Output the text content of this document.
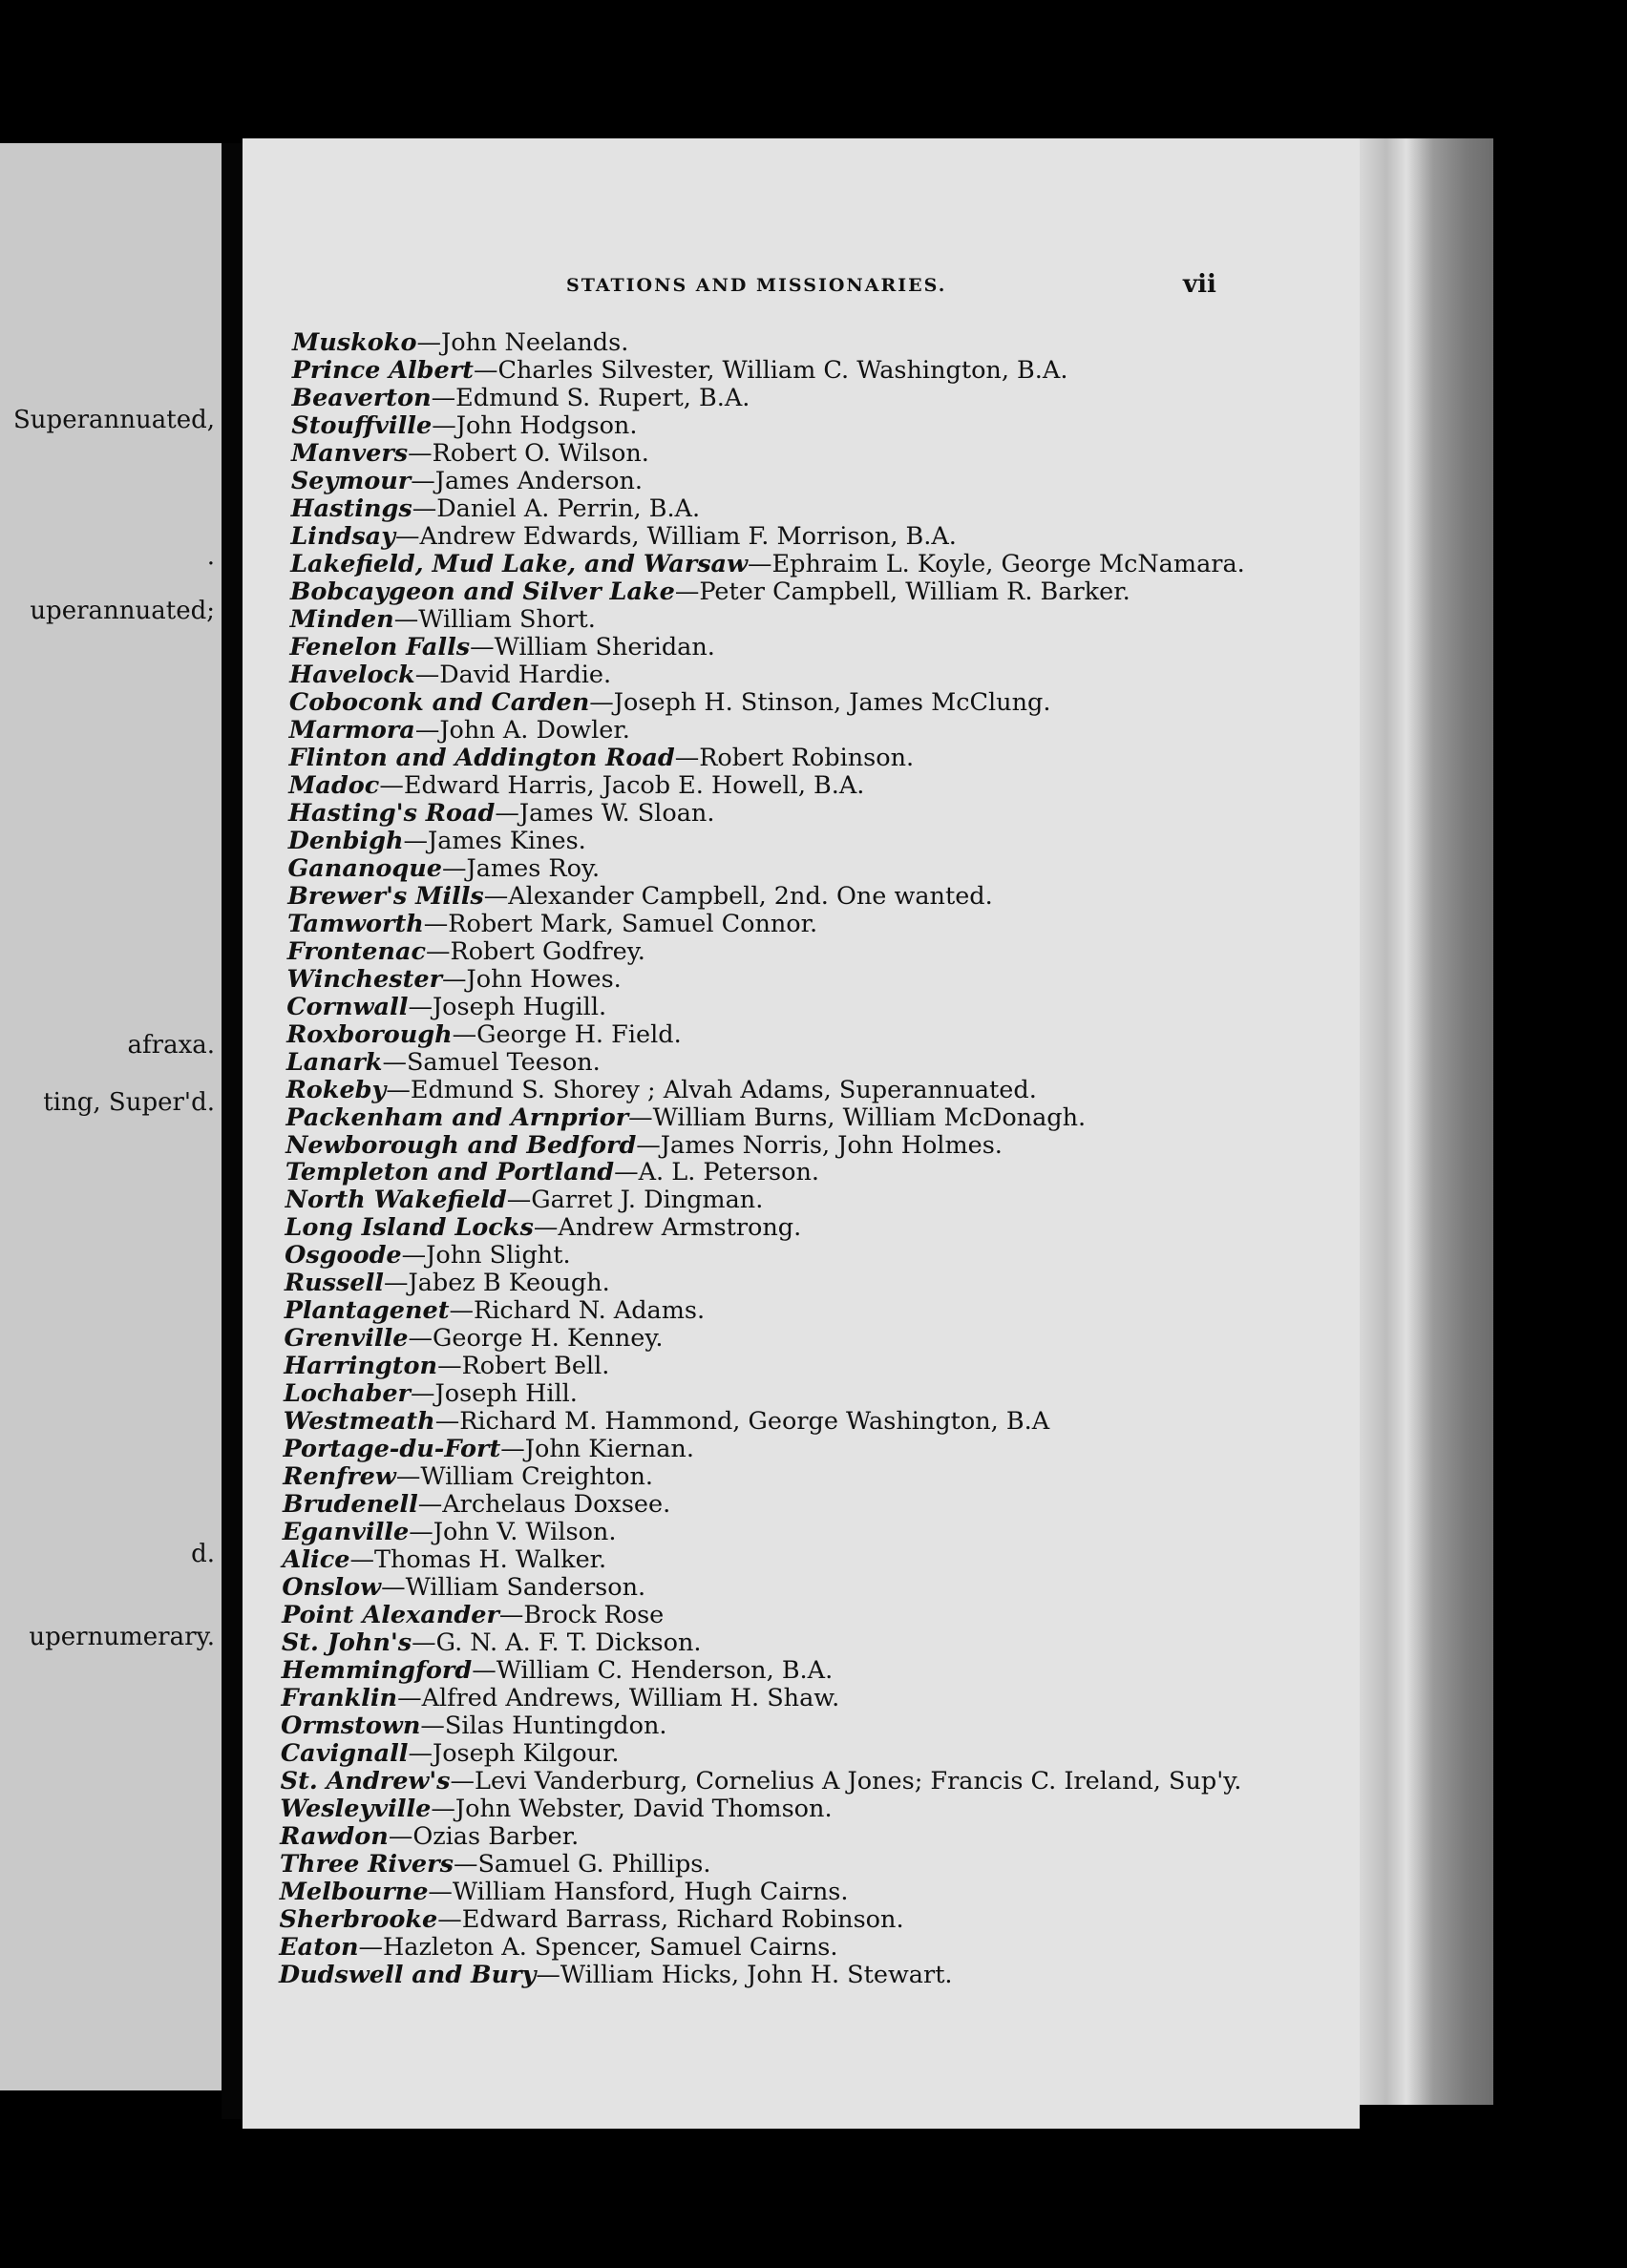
Superannuated,
.
uperannuated;
afraxa.
ting, Super'd.
d.
upernumerary.
STATIONS AND MISSIONARIES.	vii
Muskoko—John Neelands.
Prince Albert—Charles Silvester, William C. Washington, B.A.
Beaverton—Edmund S. Rupert, B.A.
Stouffville—John Hodgson.
Manvers—Robert O. Wilson.
Seymour—James Anderson.
Hastings—Daniel A. Perrin, B.A.
Lindsay—Andrew Edwards, William F. Morrison, B.A.
Lakefield, Mud Lake, and Warsaw—Ephraim L. Koyle, George McNamara.
Bobcaygeon and Silver Lake—Peter Campbell, William R. Barker.
Minden—William Short.
Fenelon Falls—William Sheridan.
Havelock—David Hardie.
Coboconk and Carden—Joseph H. Stinson, James McClung.
Marmora—John A. Dowler.
Flinton and Addington Road—Robert Robinson.
Madoc—Edward Harris, Jacob E. Howell, B.A.
Hasting's Road—James W. Sloan.
Denbigh—James Kines.
Gananoque—James Roy.
Brewer's Mills—Alexander Campbell, 2nd. One wanted.
Tamworth—Robert Mark, Samuel Connor.
Frontenac—Robert Godfrey.
Winchester—John Howes.
Cornwall—Joseph Hugill.
Roxborough—George H. Field.
Lanark—Samuel Teeson.
Rokeby—Edmund S. Shorey ; Alvah Adams, Superannuated.
Packenham and Arnprior—William Burns, William McDonagh.
Newborough and Bedford—James Norris, John Holmes.
Templeton and Portland—A. L. Peterson.
North Wakefield—Garret J. Dingman.
Long Island Locks—Andrew Armstrong.
Osgoode—John Slight.
Russell—Jabez B Keough.
Plantagenet—Richard N. Adams.
Grenville—George H. Kenney.
Harrington—Robert Bell.
Lochaber—Joseph Hill.
Westmeath—Richard M. Hammond, George Washington, B.A
Portage-du-Fort—John Kiernan.
Renfrew—William Creighton.
Brudenell—Archelaus Doxsee.
Eganville—John V. Wilson.
Alice—Thomas H. Walker.
Onslow—William Sanderson.
Point Alexander—Brock Rose
St. John's—G. N. A. F. T. Dickson.
Hemmingford—William C. Henderson, B.A.
Franklin—Alfred Andrews, William H. Shaw.
Ormstown—Silas Huntingdon.
Cavignall—Joseph Kilgour.
St. Andrew's—Levi Vanderburg, Cornelius A Jones; Francis C. Ireland, Sup'y.
Wesleyville—John Webster, David Thomson.
Rawdon—Ozias Barber.
Three Rivers—Samuel G. Phillips.
Melbourne—William Hansford, Hugh Cairns.
Sherbrooke—Edward Barrass, Richard Robinson.
Eaton—Hazleton A. Spencer, Samuel Cairns.
Dudswell and Bury—William Hicks, John H. Stewart.
